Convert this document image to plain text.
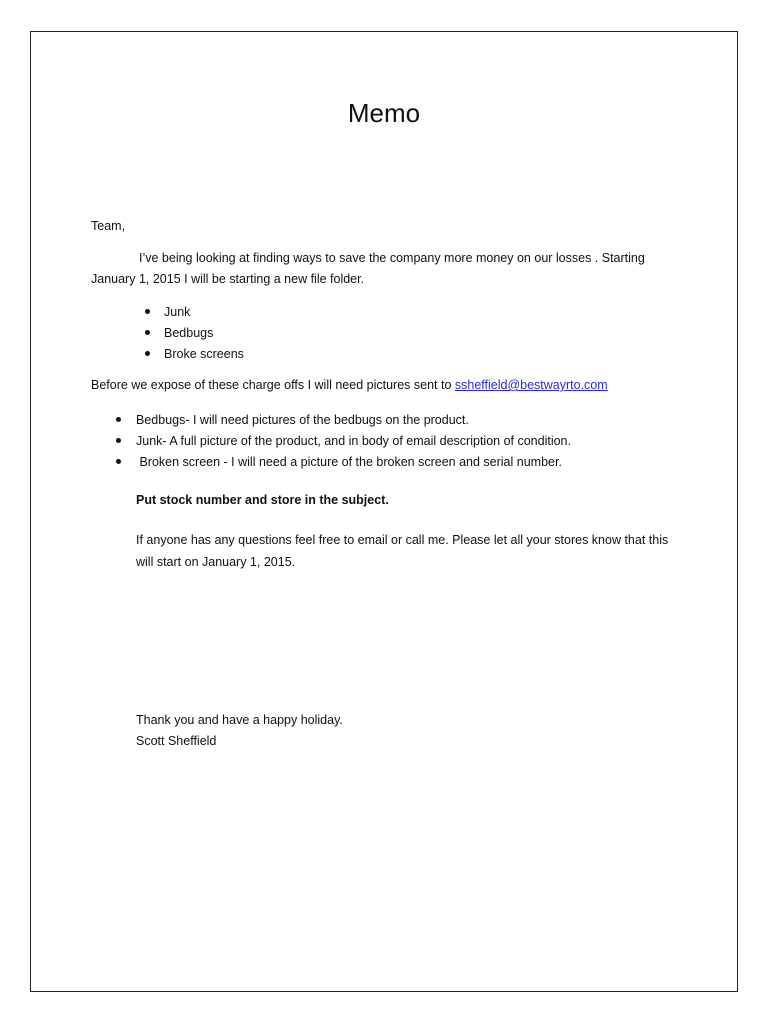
Memo
Team,
I’ve being looking at finding ways to save the company more money on our losses . Starting
January 1, 2015 I will be starting a new file folder.
Junk
Bedbugs
Broke screens
Before we expose of these charge offs I will need pictures sent to ssheffield@bestwayrto.com
Bedbugs- I will need pictures of the bedbugs on the product.
Junk- A full picture of the product, and in body of email description of condition.
Broken screen - I will need a picture of the broken screen and serial number.
Put stock number and store in the subject.
If anyone has any questions feel free to email or call me. Please let all your stores know that this
will start on January 1, 2015.
Thank you and have a happy holiday.
Scott Sheffield
